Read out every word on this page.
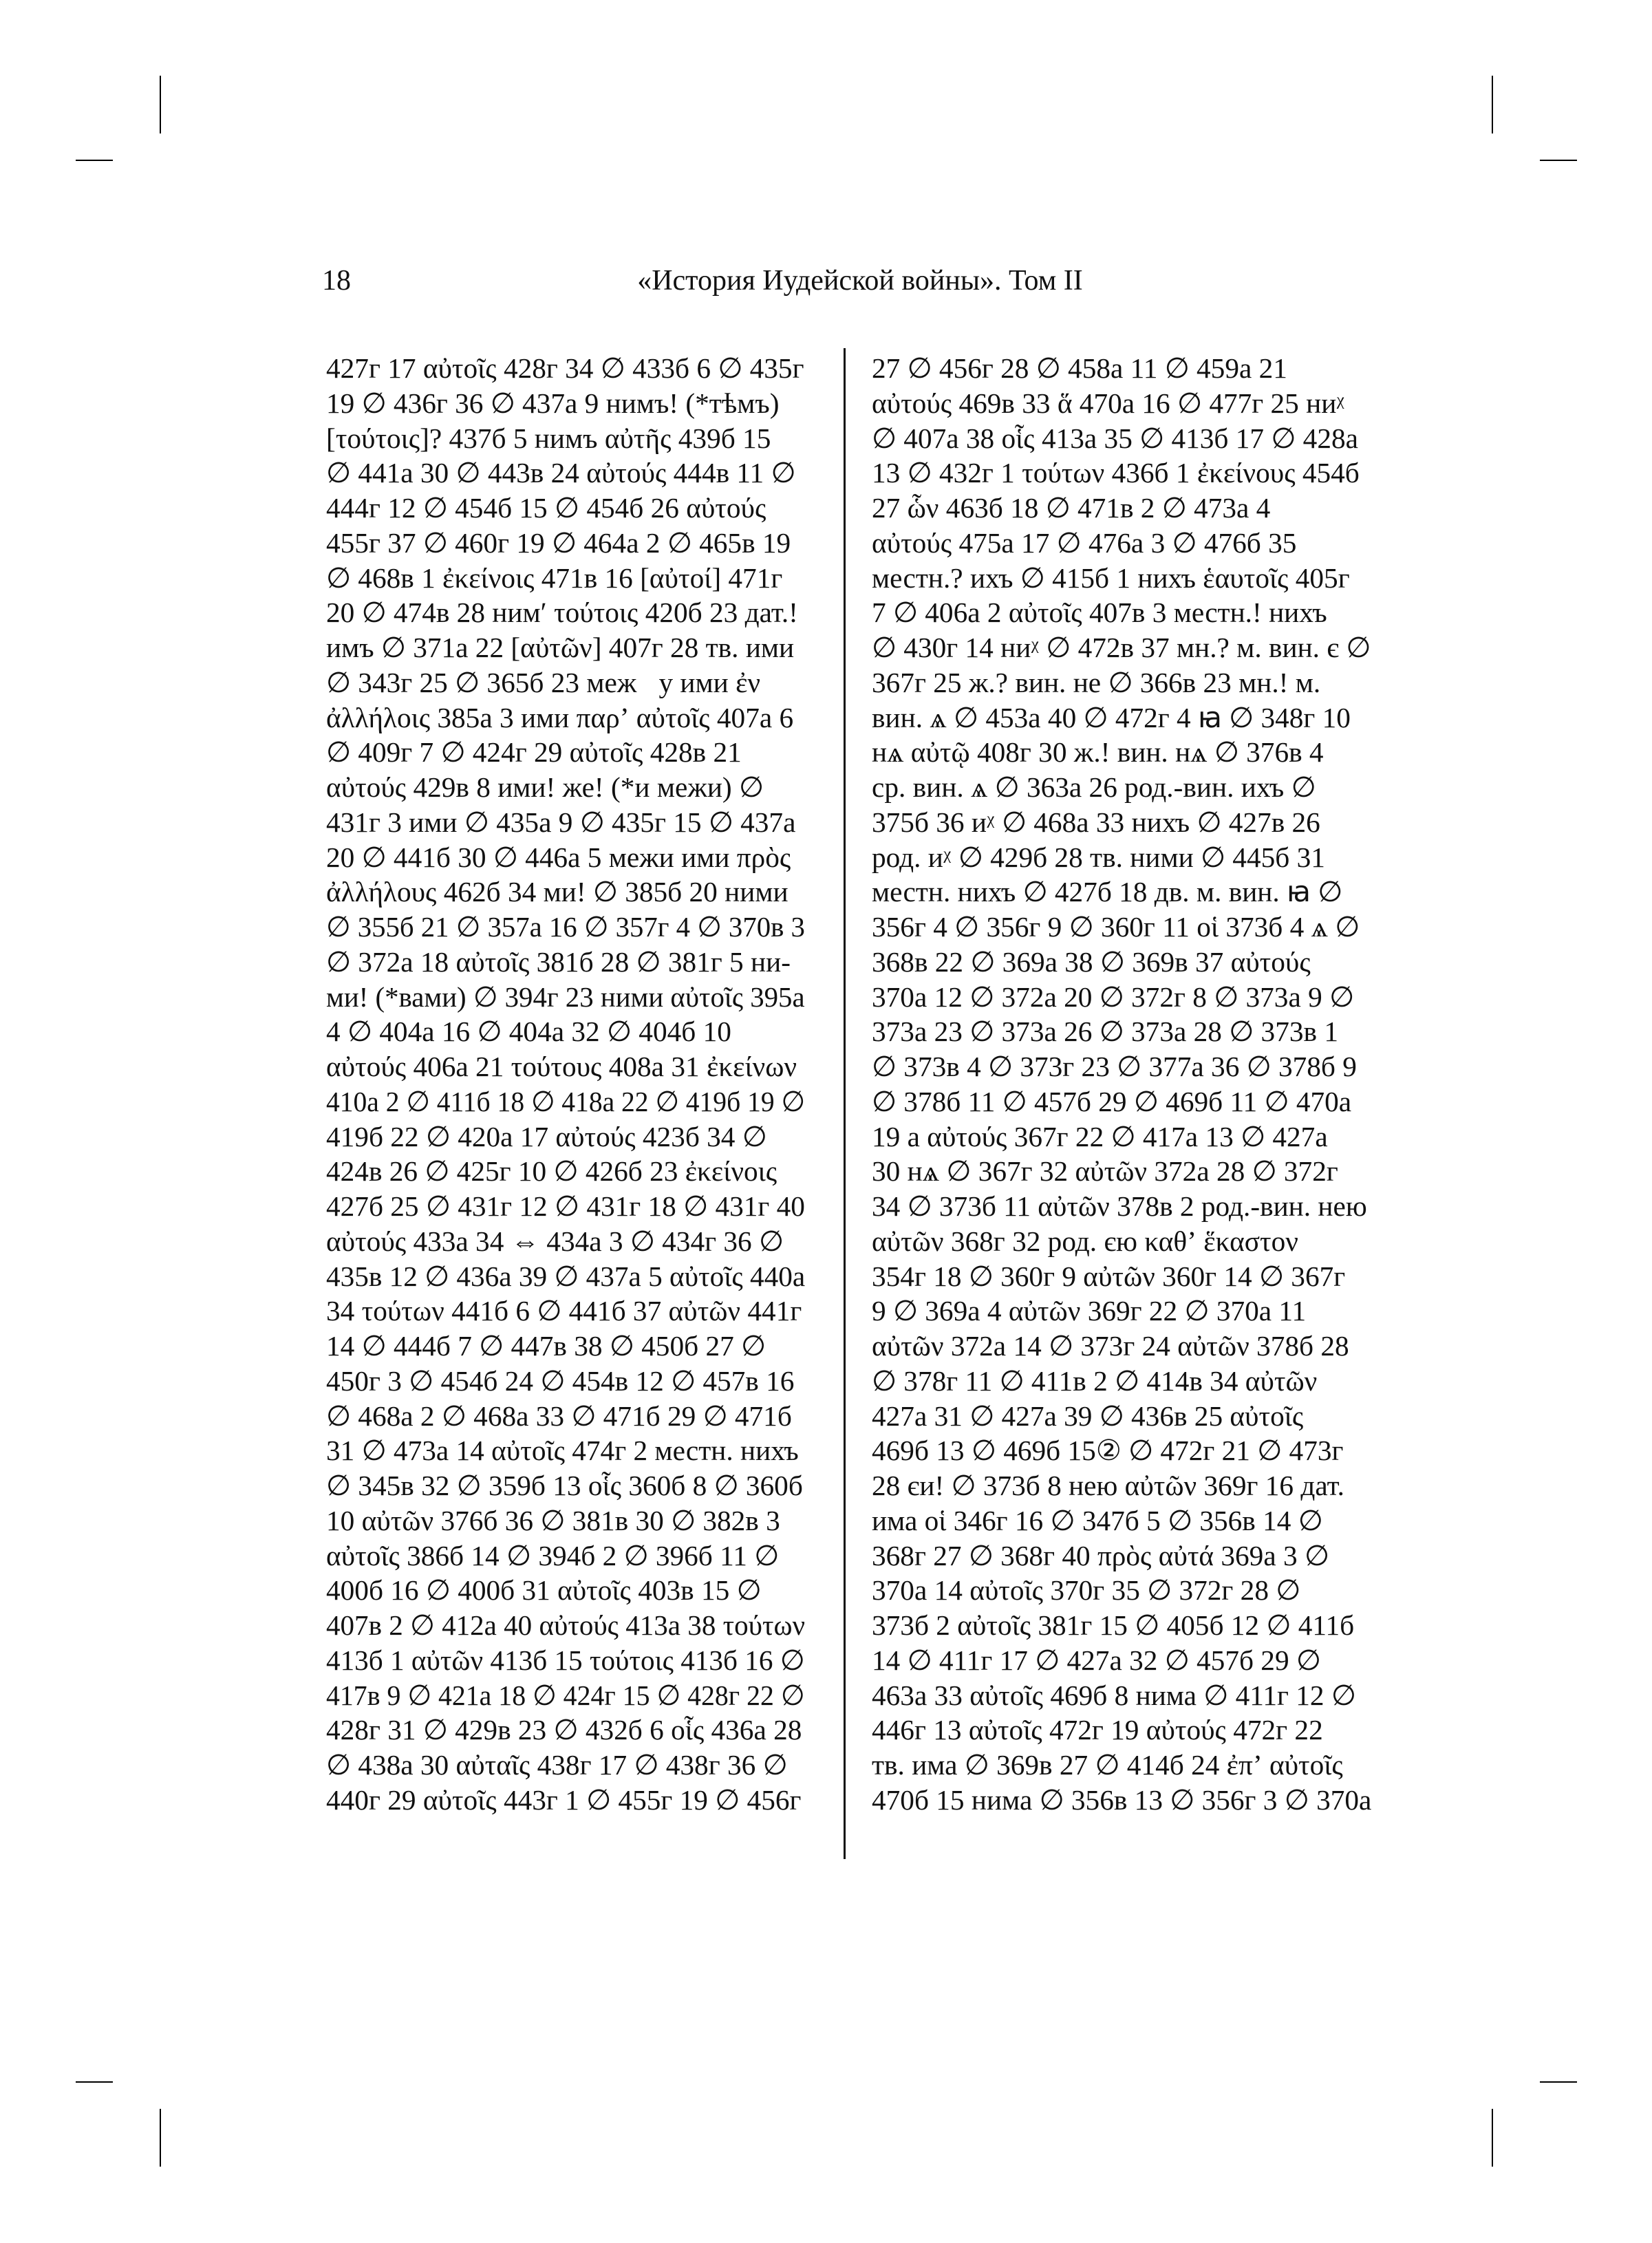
18	«История Иудейской войны». Том II
427г 17 αὐτοῖς 428г 34 ∅ 433б 6 ∅ 435г
19 ∅ 436г 36 ∅ 437а 9 нимъ! (*тѣмъ)
[τούτοις]? 437б 5 нимъ αὐτῆς 439б 15
∅ 441а 30 ∅ 443в 24 αὐτούς 444в 11 ∅
444г 12 ∅ 454б 15 ∅ 454б 26 αὐτούς
455г 37 ∅ 460г 19 ∅ 464а 2 ∅ 465в 19
∅ 468в 1 ἐκείνοις 471в 16 [αὐτοί] 471г
20 ∅ 474в 28 нимʹ τούτοις 420б 23 дат.!
имъ ∅ 371а 22 [αὐτῶν] 407г 28 тв. ими
∅ 343г 25 ∅ 365б 23 межⷣу ими ἐν
ἀλλήλοις 385а 3 ими παρʼ αὐτοῖς 407а 6
∅ 409г 7 ∅ 424г 29 αὐτοῖς 428в 21
αὐτούς 429в 8 ими! же! (*и межи) ∅
431г 3 ими ∅ 435а 9 ∅ 435г 15 ∅ 437а
20 ∅ 441б 30 ∅ 446а 5 межи ими πρὸς
ἀλλήλους 462б 34 ми! ∅ 385б 20 ними
∅ 355б 21 ∅ 357а 16 ∅ 357г 4 ∅ 370в 3
∅ 372а 18 αὐτοῖς 381б 28 ∅ 381г 5 ни-
ми! (*вами) ∅ 394г 23 ними αὐτοῖς 395а
4 ∅ 404а 16 ∅ 404а 32 ∅ 404б 10
αὐτούς 406а 21 τούτους 408а 31 ἐκείνων
410а 2 ∅ 411б 18 ∅ 418а 22 ∅ 419б 19 ∅
419б 22 ∅ 420а 17 αὐτούς 423б 34 ∅
424в 26 ∅ 425г 10 ∅ 426б 23 ἐκείνοις
427б 25 ∅ 431г 12 ∅ 431г 18 ∅ 431г 40
αὐτούς 433а 34 ⇔ 434а 3 ∅ 434г 36 ∅
435в 12 ∅ 436а 39 ∅ 437а 5 αὐτοῖς 440а
34 τούτων 441б 6 ∅ 441б 37 αὐτῶν 441г
14 ∅ 444б 7 ∅ 447в 38 ∅ 450б 27 ∅
450г 3 ∅ 454б 24 ∅ 454в 12 ∅ 457в 16
∅ 468а 2 ∅ 468а 33 ∅ 471б 29 ∅ 471б
31 ∅ 473а 14 αὐτοῖς 474г 2 местн. нихъ
∅ 345в 32 ∅ 359б 13 οἷς 360б 8 ∅ 360б
10 αὐτῶν 376б 36 ∅ 381в 30 ∅ 382в 3
αὐτοῖς 386б 14 ∅ 394б 2 ∅ 396б 11 ∅
400б 16 ∅ 400б 31 αὐτοῖς 403в 15 ∅
407в 2 ∅ 412а 40 αὐτούς 413а 38 τούτων
413б 1 αὐτῶν 413б 15 τούτοις 413б 16 ∅
417в 9 ∅ 421а 18 ∅ 424г 15 ∅ 428г 22 ∅
428г 31 ∅ 429в 23 ∅ 432б 6 οἷς 436а 28
∅ 438а 30 αὐταῖς 438г 17 ∅ 438г 36 ∅
440г 29 αὐτοῖς 443г 1 ∅ 455г 19 ∅ 456г
27 ∅ 456г 28 ∅ 458а 11 ∅ 459а 21
αὐτούς 469в 33 ἅ 470а 16 ∅ 477г 25 ниᵡ
∅ 407а 38 οἷς 413а 35 ∅ 413б 17 ∅ 428а
13 ∅ 432г 1 τούτων 436б 1 ἐκείνους 454б
27 ὧν 463б 18 ∅ 471в 2 ∅ 473а 4
αὐτούς 475а 17 ∅ 476а 3 ∅ 476б 35
местн.? ихъ ∅ 415б 1 нихъ ἑαυτοῖς 405г
7 ∅ 406а 2 αὐτοῖς 407в 3 местн.! нихъ
∅ 430г 14 ниᵡ ∅ 472в 37 мн.? м. вин. є ∅
367г 25 ж.? вин. не ∅ 366в 23 мн.! м.
вин. ѧ ∅ 453а 40 ∅ 472г 4 ꙗ ∅ 348г 10
нѧ αὐτῷ 408г 30 ж.! вин. нѧ ∅ 376в 4
ср. вин. ѧ ∅ 363а 26 род.-вин. ихъ ∅
375б 36 иᵡ ∅ 468а 33 нихъ ∅ 427в 26
род. иᵡ ∅ 429б 28 тв. ними ∅ 445б 31
местн. нихъ ∅ 427б 18 дв. м. вин. ꙗ ∅
356г 4 ∅ 356г 9 ∅ 360г 11 οἱ 373б 4 ѧ ∅
368в 22 ∅ 369а 38 ∅ 369в 37 αὐτούς
370а 12 ∅ 372а 20 ∅ 372г 8 ∅ 373а 9 ∅
373а 23 ∅ 373а 26 ∅ 373а 28 ∅ 373в 1
∅ 373в 4 ∅ 373г 23 ∅ 377а 36 ∅ 378б 9
∅ 378б 11 ∅ 457б 29 ∅ 469б 11 ∅ 470а
19 а αὐτούς 367г 22 ∅ 417а 13 ∅ 427а
30 нѧ ∅ 367г 32 αὐτῶν 372а 28 ∅ 372г
34 ∅ 373б 11 αὐτῶν 378в 2 род.-вин. нею
αὐτῶν 368г 32 род. єю καθʼ ἕκαστον
354г 18 ∅ 360г 9 αὐτῶν 360г 14 ∅ 367г
9 ∅ 369а 4 αὐτῶν 369г 22 ∅ 370а 11
αὐτῶν 372а 14 ∅ 373г 24 αὐτῶν 378б 28
∅ 378г 11 ∅ 411в 2 ∅ 414в 34 αὐτῶν
427а 31 ∅ 427а 39 ∅ 436в 25 αὐτοῖς
469б 13 ∅ 469б 15② ∅ 472г 21 ∅ 473г
28 єи! ∅ 373б 8 нею αὐτῶν 369г 16 дат.
има οἱ 346г 16 ∅ 347б 5 ∅ 356в 14 ∅
368г 27 ∅ 368г 40 πρὸς αὐτά 369а 3 ∅
370а 14 αὐτοῖς 370г 35 ∅ 372г 28 ∅
373б 2 αὐτοῖς 381г 15 ∅ 405б 12 ∅ 411б
14 ∅ 411г 17 ∅ 427а 32 ∅ 457б 29 ∅
463а 33 αὐτοῖς 469б 8 нима ∅ 411г 12 ∅
446г 13 αὐτοῖς 472г 19 αὐτούς 472г 22
тв. има ∅ 369в 27 ∅ 414б 24 ἐπʼ αὐτοῖς
470б 15 нима ∅ 356в 13 ∅ 356г 3 ∅ 370а
